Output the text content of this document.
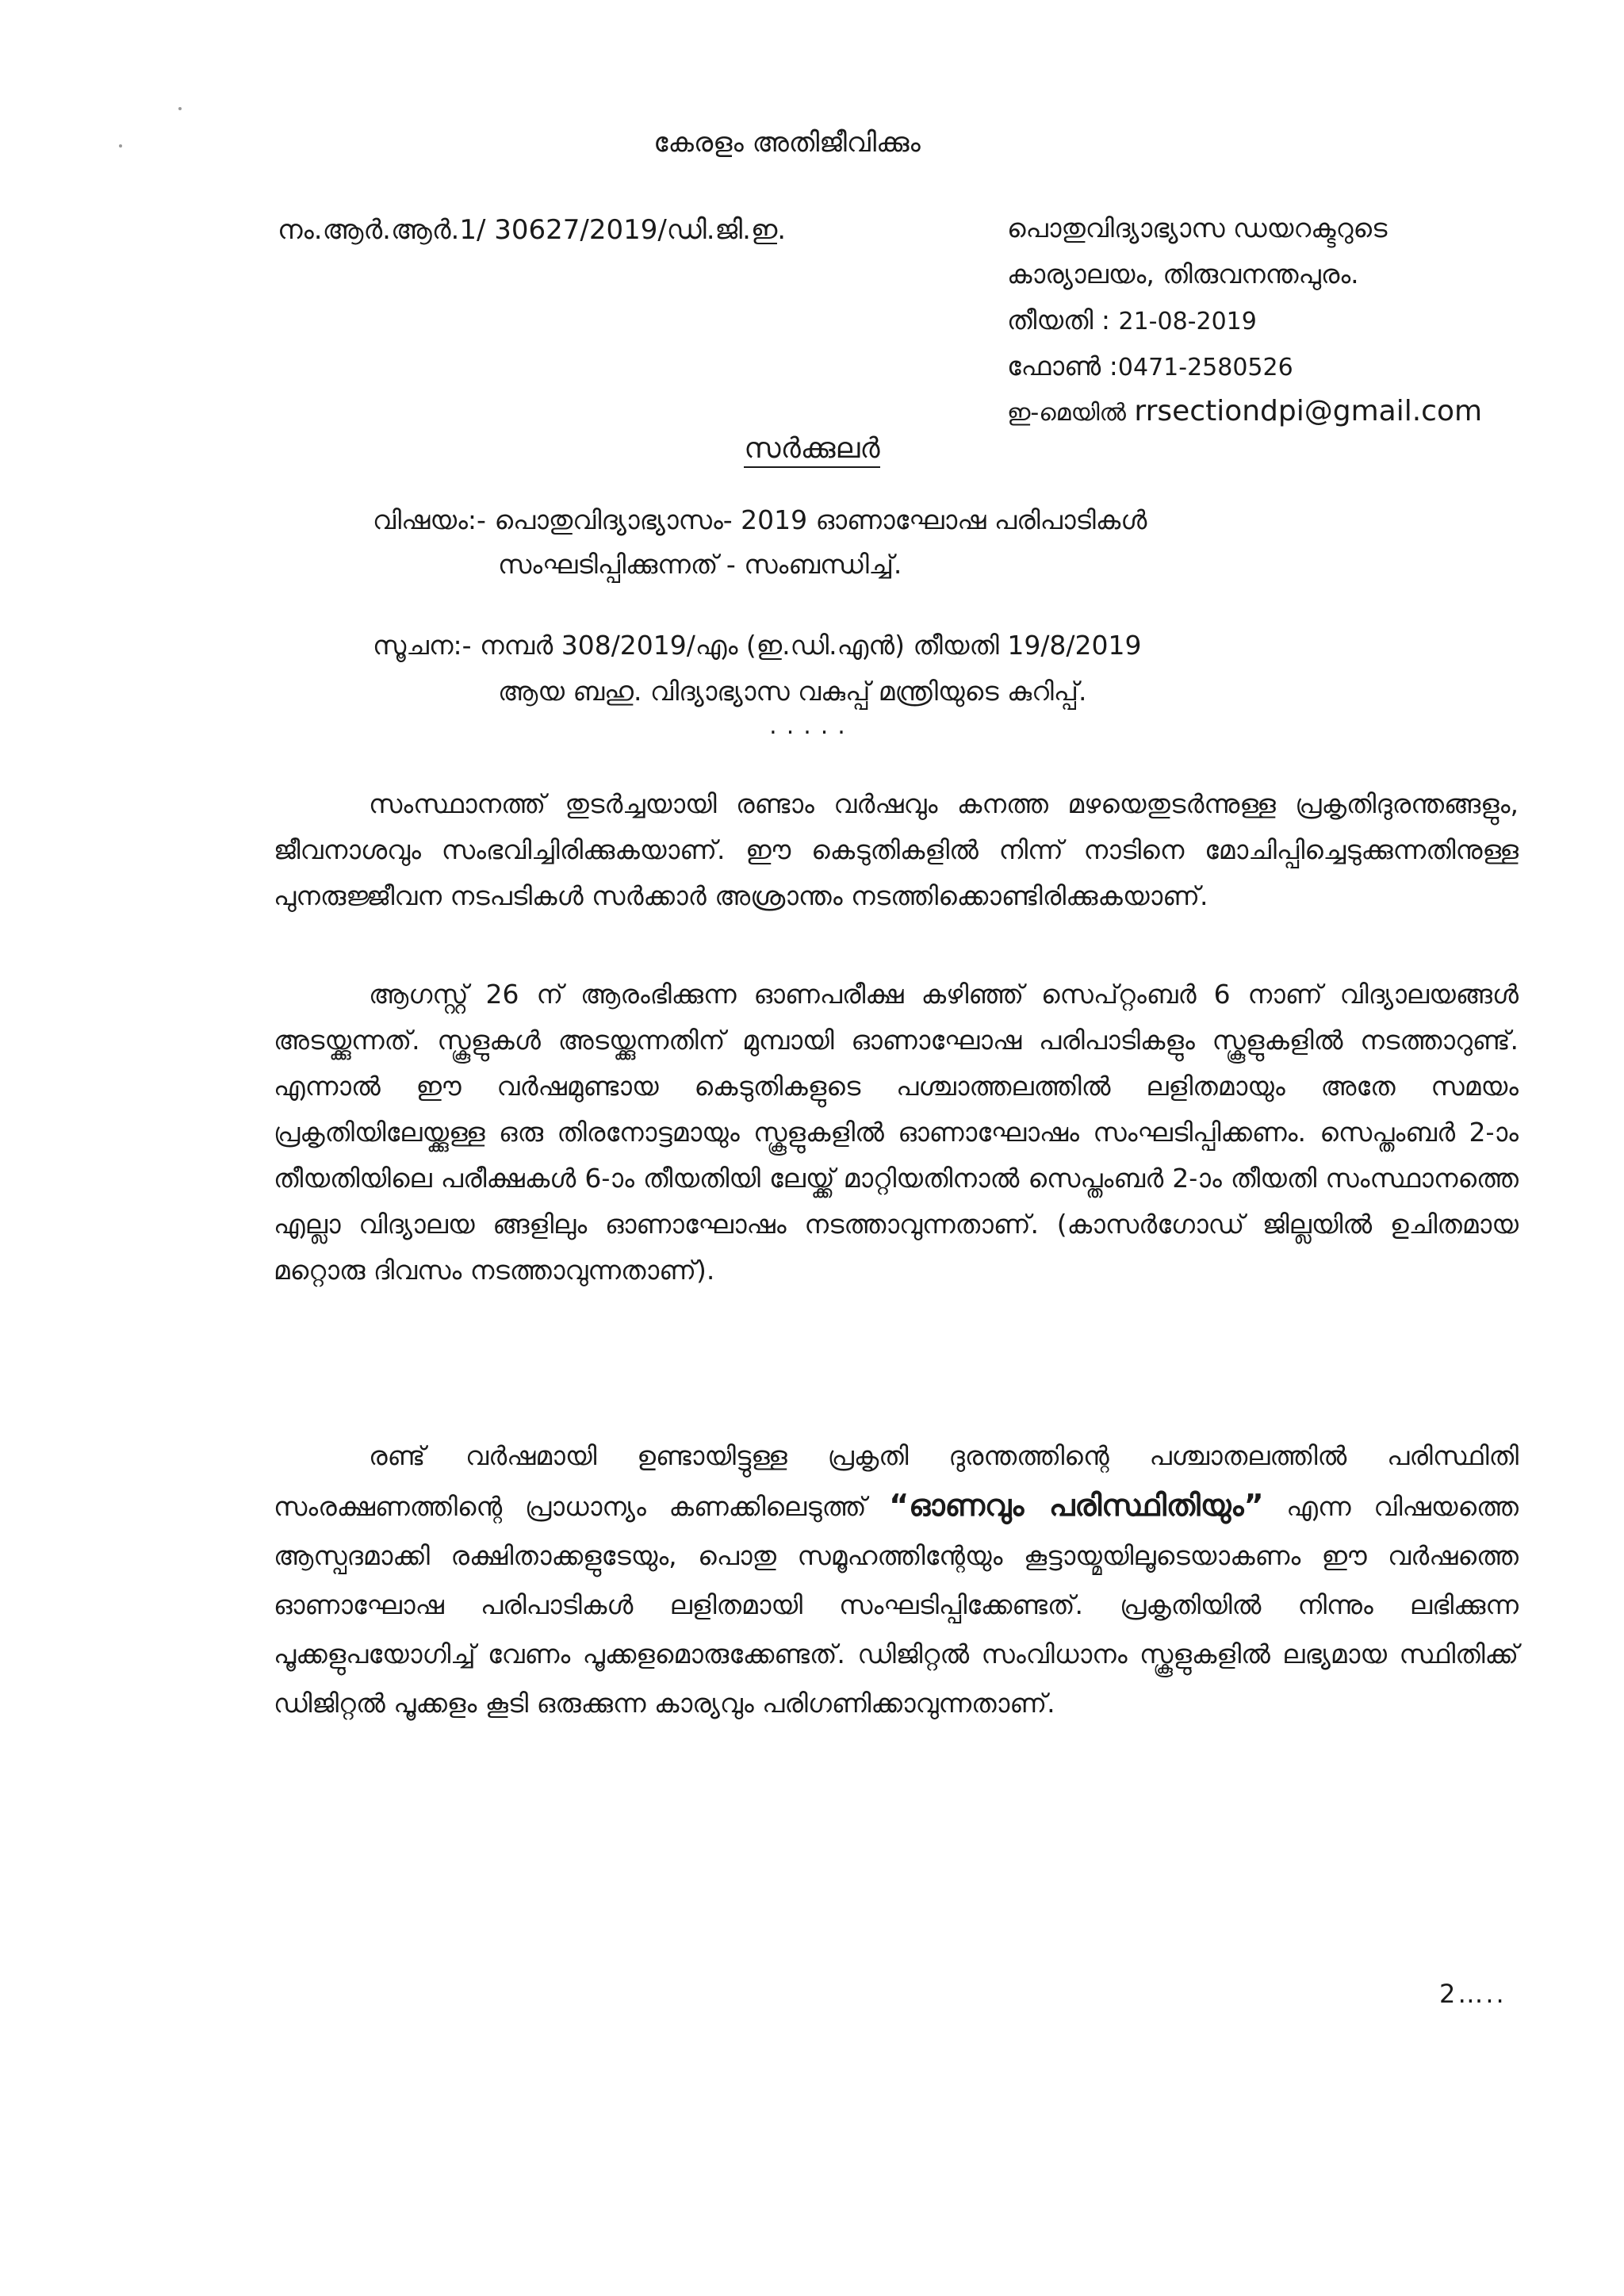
കേരളം അതിജീവിക്കും
നം.ആർ.ആർ.1/ 30627/2019/ഡി.ജി.ഇ.	പൊതുവിദ്യാഭ്യാസ ഡയറക്ടറുടെ
കാര്യാലയം, തിരുവനന്തപുരം.
തീയതി : 21-08-2019
ഫോൺ :0471-2580526
ഇ-മെയിൽ rrsectiondpi@gmail.com
സർക്കുലർ
വിഷയം:- പൊതുവിദ്യാഭ്യാസം- 2019 ഓണാഘോഷ പരിപാടികൾ
സംഘടിപ്പിക്കുന്നത് - സംബന്ധിച്ച്.
സൂചന:- നമ്പർ 308/2019/എം (ഇ.ഡി.എൻ) തീയതി 19/8/2019
ആയ ബഹു. വിദ്യാഭ്യാസ വകുപ്പ് മന്ത്രിയുടെ കുറിപ്പ്.
.....

സംസ്ഥാനത്ത് തുടർച്ചയായി രണ്ടാം വർഷവും കനത്ത മഴയെതുടർന്നുള്ള പ്രകൃതിദുരന്തങ്ങളും, ജീവനാശവും സംഭവിച്ചിരിക്കുകയാണ്. ഈ കെടുതികളിൽ നിന്ന് നാടിനെ മോചിപ്പിച്ചെടുക്കുന്നതിനുള്ള പുനരുജ്ജീവന നടപടികൾ സർക്കാർ അശ്രാന്തം നടത്തിക്കൊണ്ടിരിക്കുകയാണ്.

ആഗസ്റ്റ് 26 ന് ആരംഭിക്കുന്ന ഓണപരീക്ഷ കഴിഞ്ഞ് സെപ്റ്റംബർ 6 നാണ് വിദ്യാലയങ്ങൾ അടയ്ക്കുന്നത്. സ്കൂളുകൾ അടയ്ക്കുന്നതിന് മുമ്പായി ഓണാഘോഷ പരിപാടികളും സ്കൂളുകളിൽ നടത്താറുണ്ട്. എന്നാൽ ഈ വർഷമുണ്ടായ കെടുതികളുടെ പശ്ചാത്തലത്തിൽ ലളിതമായും അതേ സമയം പ്രകൃതിയിലേയ്ക്കുള്ള ഒരു തിരനോട്ടമായും സ്കൂളുകളിൽ ഓണാഘോഷം സംഘടിപ്പിക്കണം. സെപ്തംബർ 2-ാം തീയതിയിലെ പരീക്ഷകൾ 6-ാം തീയതിയി ലേയ്ക്ക് മാറ്റിയതിനാൽ സെപ്തംബർ 2-ാം തീയതി സംസ്ഥാനത്തെ എല്ലാ വിദ്യാലയ ങ്ങളിലും ഓണാഘോഷം നടത്താവുന്നതാണ്. (കാസർഗോഡ് ജില്ലയിൽ ഉചിതമായ മറ്റൊരു ദിവസം നടത്താവുന്നതാണ്).

രണ്ട് വർഷമായി ഉണ്ടായിട്ടുള്ള പ്രകൃതി ദുരന്തത്തിന്റെ പശ്ചാതലത്തിൽ പരിസ്ഥിതി സംരക്ഷണത്തിന്റെ പ്രാധാന്യം കണക്കിലെടുത്ത് “ഓണവും പരിസ്ഥിതിയും” എന്ന വിഷയത്തെ ആസ്പദമാക്കി രക്ഷിതാക്കളുടേയും, പൊതു സമൂഹത്തിന്റേയും കൂട്ടായ്മയിലൂടെയാകണം ഈ വർഷത്തെ ഓണാഘോഷ പരിപാടികൾ ലളിതമായി സംഘടിപ്പിക്കേണ്ടത്. പ്രകൃതിയിൽ നിന്നും ലഭിക്കുന്ന പൂക്കളുപയോഗിച്ച് വേണം പൂക്കളമൊരുക്കേണ്ടത്. ഡിജിറ്റൽ സംവിധാനം സ്കൂളുകളിൽ ലഭ്യമായ സ്ഥിതിക്ക് ഡിജിറ്റൽ പൂക്കളം കൂടി ഒരുക്കുന്ന കാര്യവും പരിഗണിക്കാവുന്നതാണ്.

2…..
